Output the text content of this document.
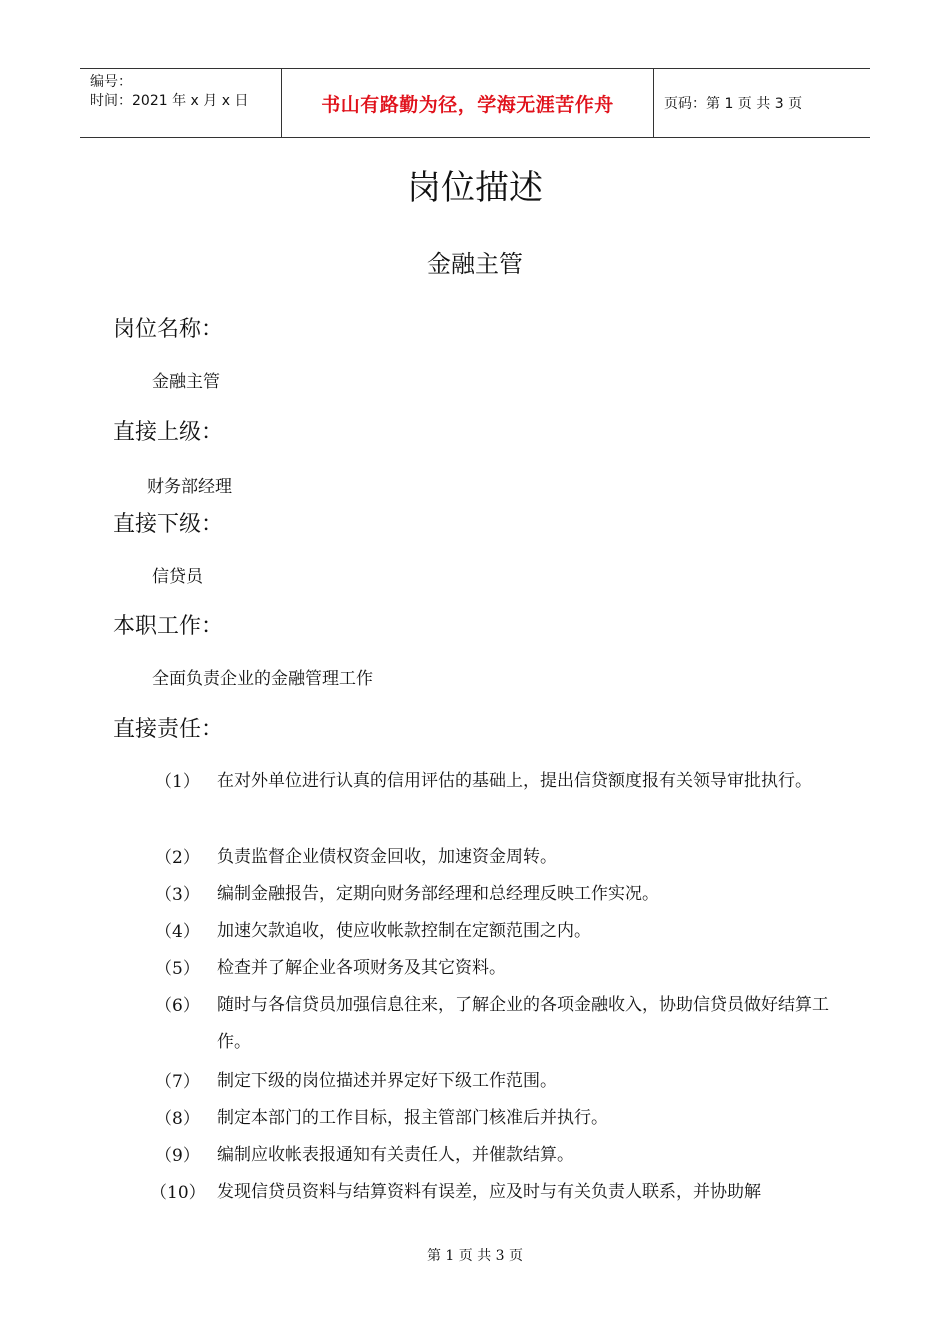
编号：
时间：2021 年 x 月 x 日	书山有路勤为径，学海无涯苦作舟	页码：第 1 页 共 3 页
岗位描述
金融主管
岗位名称：
金融主管
直接上级：
财务部经理
直接下级：
信贷员
本职工作：
全面负责企业的金融管理工作
直接责任：
（1）	在对外单位进行认真的信用评估的基础上，提出信贷额度报有关领导审批执行。
（2）	负责监督企业债权资金回收，加速资金周转。
（3）	编制金融报告，定期向财务部经理和总经理反映工作实况。
（4）	加速欠款追收，使应收帐款控制在定额范围之内。
（5）	检查并了解企业各项财务及其它资料。
（6）	随时与各信贷员加强信息往来，了解企业的各项金融收入，协助信贷员做好结算工作。
（7）	制定下级的岗位描述并界定好下级工作范围。
（8）	制定本部门的工作目标，报主管部门核准后并执行。
（9）	编制应收帐表报通知有关责任人，并催款结算。
（10） 发现信贷员资料与结算资料有误差，应及时与有关负责人联系，并协助解
第 1 页 共 3 页
